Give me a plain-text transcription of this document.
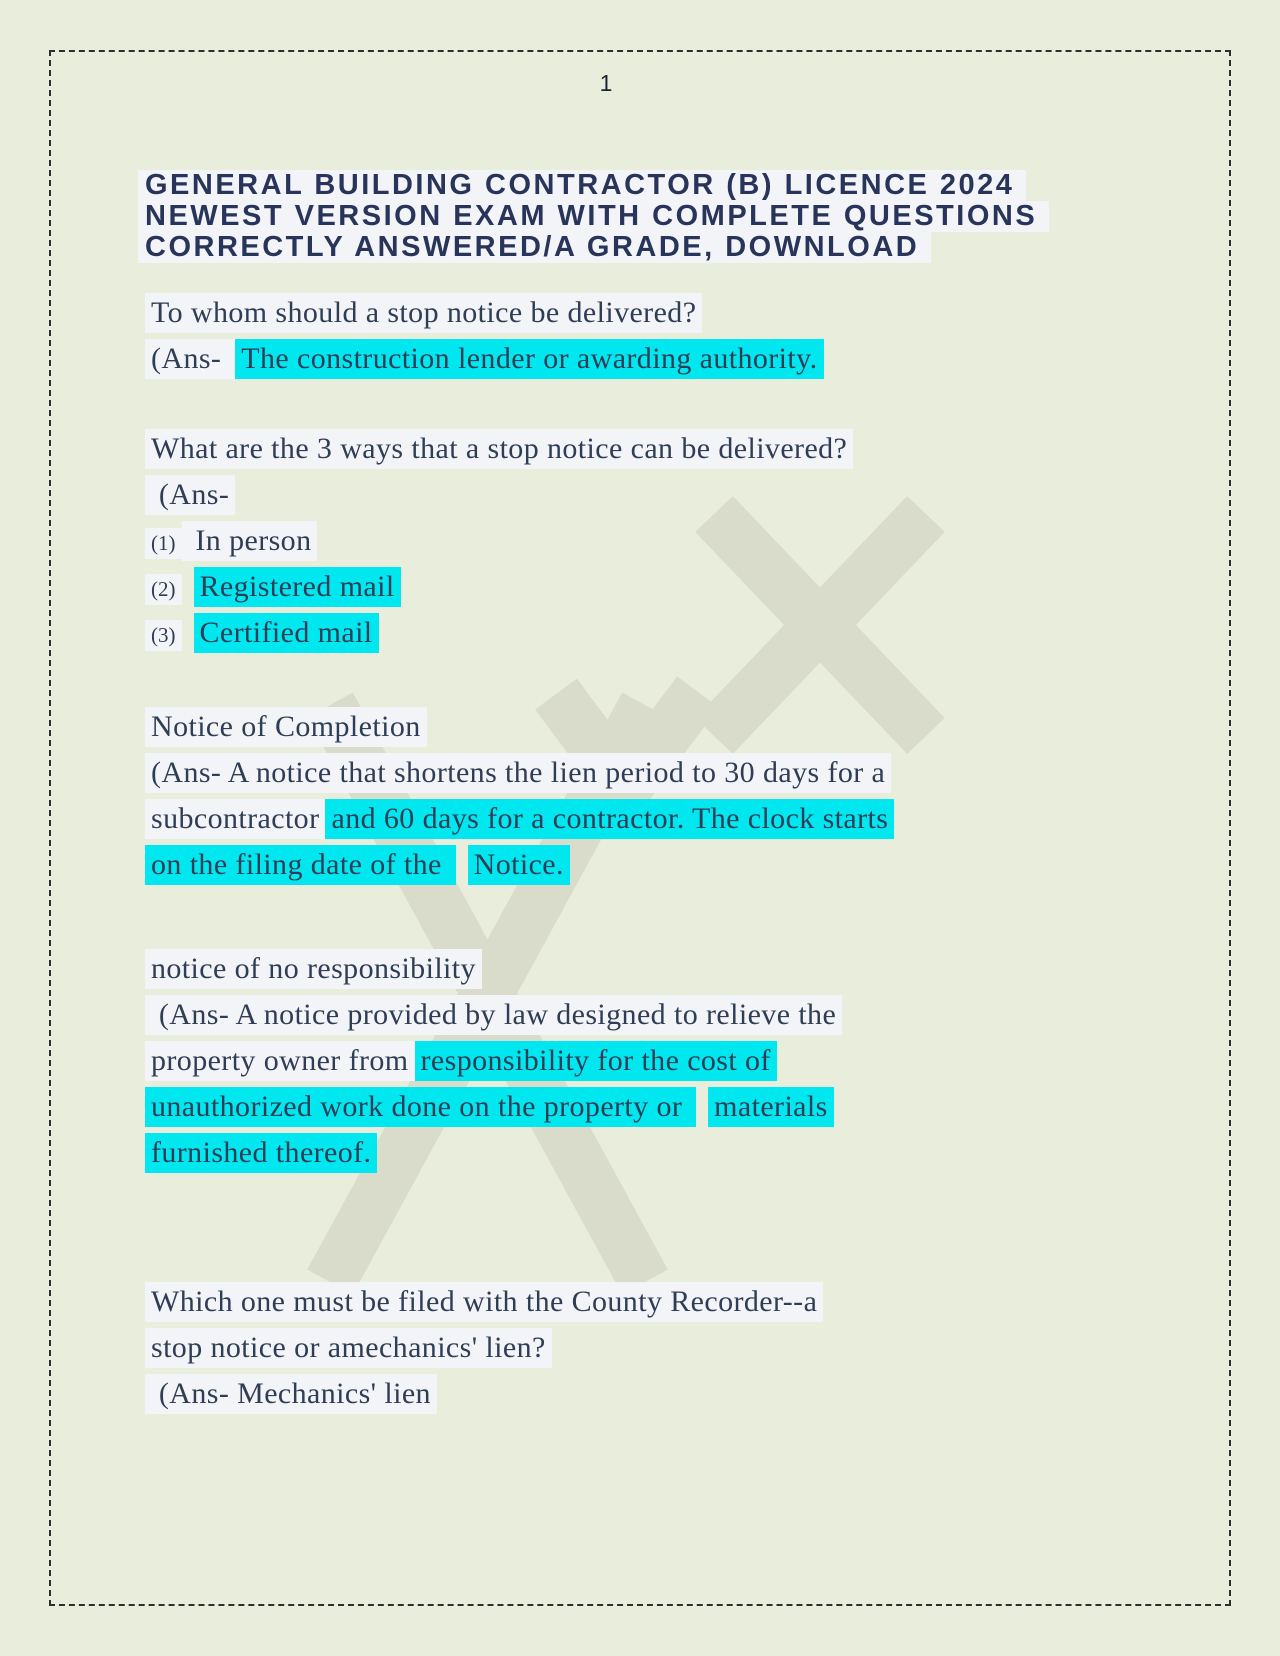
1
GENERAL BUILDING CONTRACTOR (B) LICENCE 2024
NEWEST VERSION EXAM WITH COMPLETE QUESTIONS
CORRECTLY ANSWERED/A GRADE, DOWNLOAD
To whom should a stop notice be delivered?
(Ans- The construction lender or awarding authority.
What are the 3 ways that a stop notice can be delivered?
(Ans-
(1) In person
(2) Registered mail
(3) Certified mail
Notice of Completion
(Ans- A notice that shortens the lien period to 30 days for a
subcontractor and 60 days for a contractor. The clock starts
on the filing date of the Notice.
notice of no responsibility
(Ans- A notice provided by law designed to relieve the
property owner from responsibility for the cost of
unauthorized work done on the property or materials
furnished thereof.
Which one must be filed with the County Recorder--a
stop notice or amechanics' lien?
(Ans- Mechanics' lien
